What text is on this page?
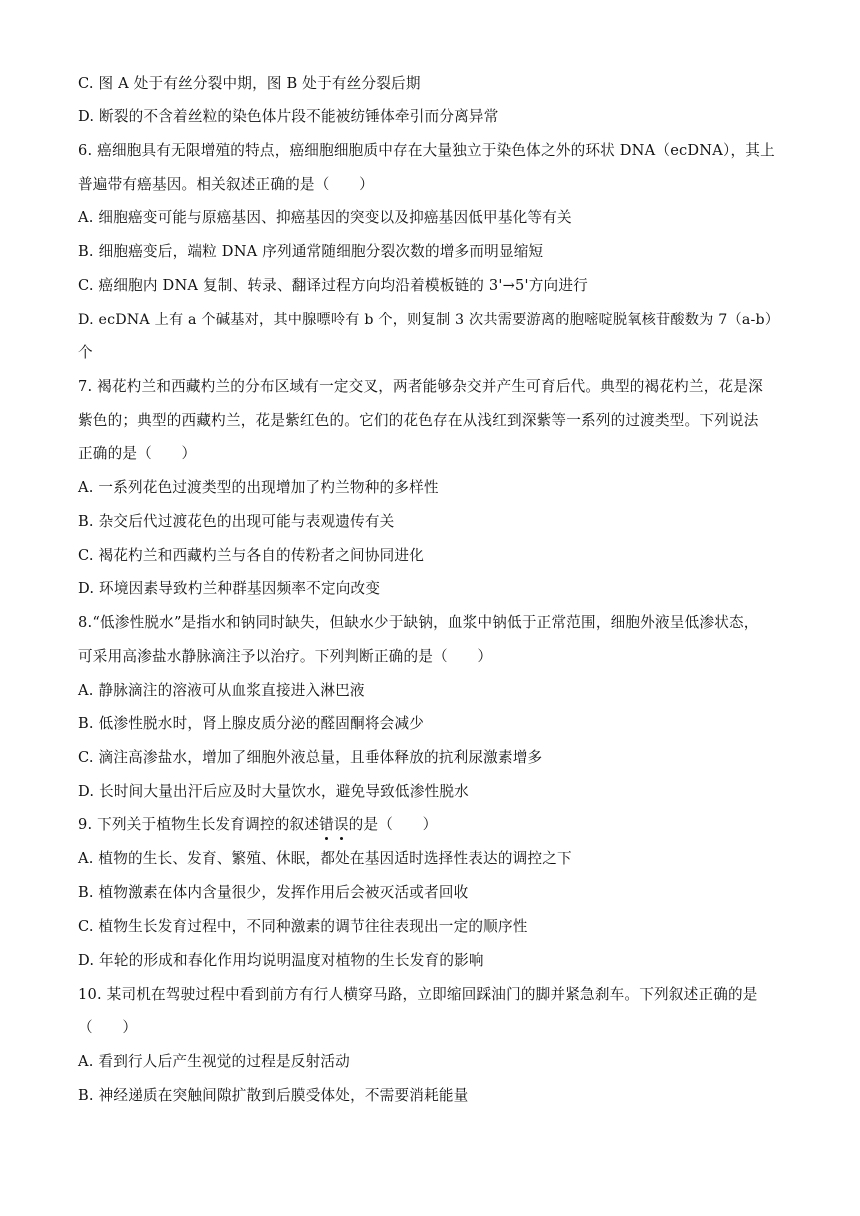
C. 图 A 处于有丝分裂中期，图 B 处于有丝分裂后期
D. 断裂的不含着丝粒的染色体片段不能被纺锤体牵引而分离异常
6. 癌细胞具有无限增殖的特点，癌细胞细胞质中存在大量独立于染色体之外的环状 DNA（ecDNA），其上
普遍带有癌基因。相关叙述正确的是（　　）
A. 细胞癌变可能与原癌基因、抑癌基因的突变以及抑癌基因低甲基化等有关
B. 细胞癌变后，端粒 DNA 序列通常随细胞分裂次数的增多而明显缩短
C. 癌细胞内 DNA 复制、转录、翻译过程方向均沿着模板链的 3'→5'方向进行
D. ecDNA 上有 a 个碱基对，其中腺嘌呤有 b 个，则复制 3 次共需要游离的胞嘧啶脱氧核苷酸数为 7（a-b）
个
7. 褐花杓兰和西藏杓兰的分布区域有一定交叉，两者能够杂交并产生可育后代。典型的褐花杓兰，花是深
紫色的；典型的西藏杓兰，花是紫红色的。它们的花色存在从浅红到深紫等一系列的过渡类型。下列说法
正确的是（　　）
A. 一系列花色过渡类型的出现增加了杓兰物种的多样性
B. 杂交后代过渡花色的出现可能与表观遗传有关
C. 褐花杓兰和西藏杓兰与各自的传粉者之间协同进化
D. 环境因素导致杓兰种群基因频率不定向改变
8.“低渗性脱水”是指水和钠同时缺失，但缺水少于缺钠，血浆中钠低于正常范围，细胞外液呈低渗状态，
可采用高渗盐水静脉滴注予以治疗。下列判断正确的是（　　）
A. 静脉滴注的溶液可从血浆直接进入淋巴液
B. 低渗性脱水时，肾上腺皮质分泌的醛固酮将会减少
C. 滴注高渗盐水，增加了细胞外液总量，且垂体释放的抗利尿激素增多
D. 长时间大量出汗后应及时大量饮水，避免导致低渗性脱水
9. 下列关于植物生长发育调控的叙述错误的是（　　）
A. 植物的生长、发育、繁殖、休眠，都处在基因适时选择性表达的调控之下
B. 植物激素在体内含量很少，发挥作用后会被灭活或者回收
C. 植物生长发育过程中，不同种激素的调节往往表现出一定的顺序性
D. 年轮的形成和春化作用均说明温度对植物的生长发育的影响
10. 某司机在驾驶过程中看到前方有行人横穿马路，立即缩回踩油门的脚并紧急刹车。下列叙述正确的是
（　　）
A. 看到行人后产生视觉的过程是反射活动
B. 神经递质在突触间隙扩散到后膜受体处，不需要消耗能量
